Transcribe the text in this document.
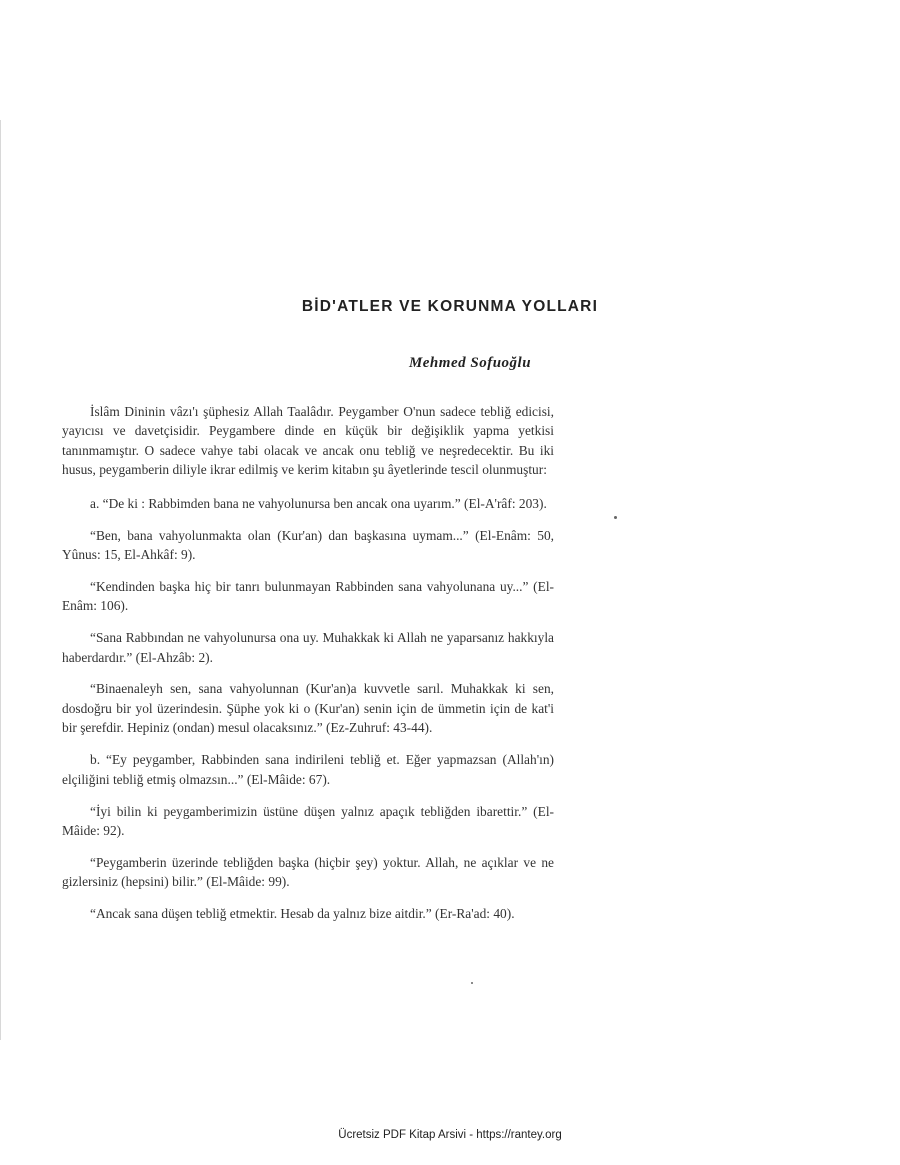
BİD'ATLER VE KORUNMA YOLLARI
Mehmed Sofuoğlu

İslâm Dininin vâzı'ı şüphesiz Allah Taalâdır. Peygamber O'nun sadece tebliğ edicisi, yayıcısı ve davetçisidir. Peygambere dinde en küçük bir değişiklik yapma yetkisi tanınmamıştır. O sadece vahye tabi olacak ve ancak onu tebliğ ve neşredecektir. Bu iki husus, peygamberin diliyle ikrar edilmiş ve kerim kitabın şu âyetlerinde tescil olunmuştur:

a. “De ki : Rabbimden bana ne vahyolunursa ben ancak ona uyarım.” (El-A'râf: 203).

“Ben, bana vahyolunmakta olan (Kur'an) dan başkasına uymam...” (El-Enâm: 50, Yûnus: 15, El-Ahkâf: 9).

“Kendinden başka hiç bir tanrı bulunmayan Rabbinden sana vahyolunana uy...” (El-Enâm: 106).

“Sana Rabbından ne vahyolunursa ona uy. Muhakkak ki Allah ne yaparsanız hakkıyla haberdardır.” (El-Ahzâb: 2).

“Binaenaleyh sen, sana vahyolunnan (Kur'an)a kuvvetle sarıl. Muhakkak ki sen, dosdoğru bir yol üzerindesin. Şüphe yok ki o (Kur'an) senin için de ümmetin için de kat'i bir şerefdir. Hepiniz (ondan) mesul olacaksınız.” (Ez-Zuhruf: 43-44).

b. “Ey peygamber, Rabbinden sana indirileni tebliğ et. Eğer yapmazsan (Allah'ın) elçiliğini tebliğ etmiş olmazsın...” (El-Mâide: 67).

“İyi bilin ki peygamberimizin üstüne düşen yalnız apaçık tebliğden ibarettir.” (El-Mâide: 92).

“Peygamberin üzerinde tebliğden başka (hiçbir şey) yoktur. Allah, ne açıklar ve ne gizlersiniz (hepsini) bilir.” (El-Mâide: 99).

“Ancak sana düşen tebliğ etmektir. Hesab da yalnız bize aitdir.” (Er-Ra'ad: 40).

Ücretsiz PDF Kitap Arsivi - https://rantey.org
